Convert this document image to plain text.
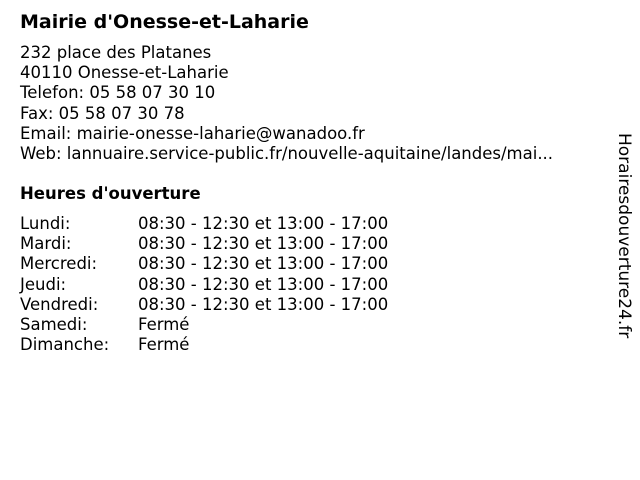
Mairie d'Onesse-et-Laharie
232 place des Platanes
40110 Onesse-et-Laharie
Telefon: 05 58 07 30 10
Fax: 05 58 07 30 78
Email: mairie-onesse-laharie@wanadoo.fr
Web: lannuaire.service-public.fr/nouvelle-aquitaine/landes/mai...
Heures d'ouverture
Lundi:	08:30 - 12:30 et 13:00 - 17:00
Mardi:	08:30 - 12:30 et 13:00 - 17:00
Mercredi: 08:30 - 12:30 et 13:00 - 17:00
Jeudi:	08:30 - 12:30 et 13:00 - 17:00
Vendredi: 08:30 - 12:30 et 13:00 - 17:00
Samedi:	Fermé
Dimanche: Fermé
Horairesdouverture24.fr
